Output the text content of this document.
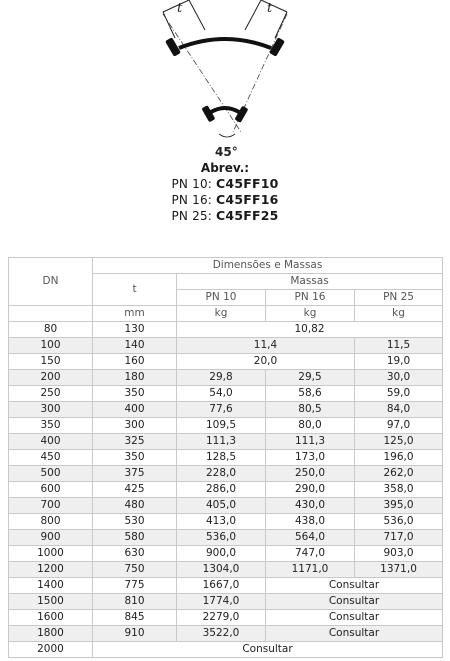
t	t
45°
Abrev.:
PN 10: C45FF10
PN 16: C45FF16
PN 25: C45FF25
DN	Dimensões e Massas			
	t	Massas		
		PN 10	PN 16	PN 25
	mm	kg	kg	kg
80	130	10,82		
100	140	11,4		11,5
150	160	20,0		19,0
200	180	29,8	29,5	30,0
250	350	54,0	58,6	59,0
300	400	77,6	80,5	84,0
350	300	109,5	80,0	97,0
400	325	111,3	111,3	125,0
450	350	128,5	173,0	196,0
500	375	228,0	250,0	262,0
600	425	286,0	290,0	358,0
700	480	405,0	430,0	395,0
800	530	413,0	438,0	536,0
900	580	536,0	564,0	717,0
1000	630	900,0	747,0	903,0
1200	750	1304,0	1171,0	1371,0
1400	775	1667,0	Consultar	
1500	810	1774,0	Consultar	
1600	845	2279,0	Consultar	
1800	910	3522,0	Consultar	
2000	Consultar			
